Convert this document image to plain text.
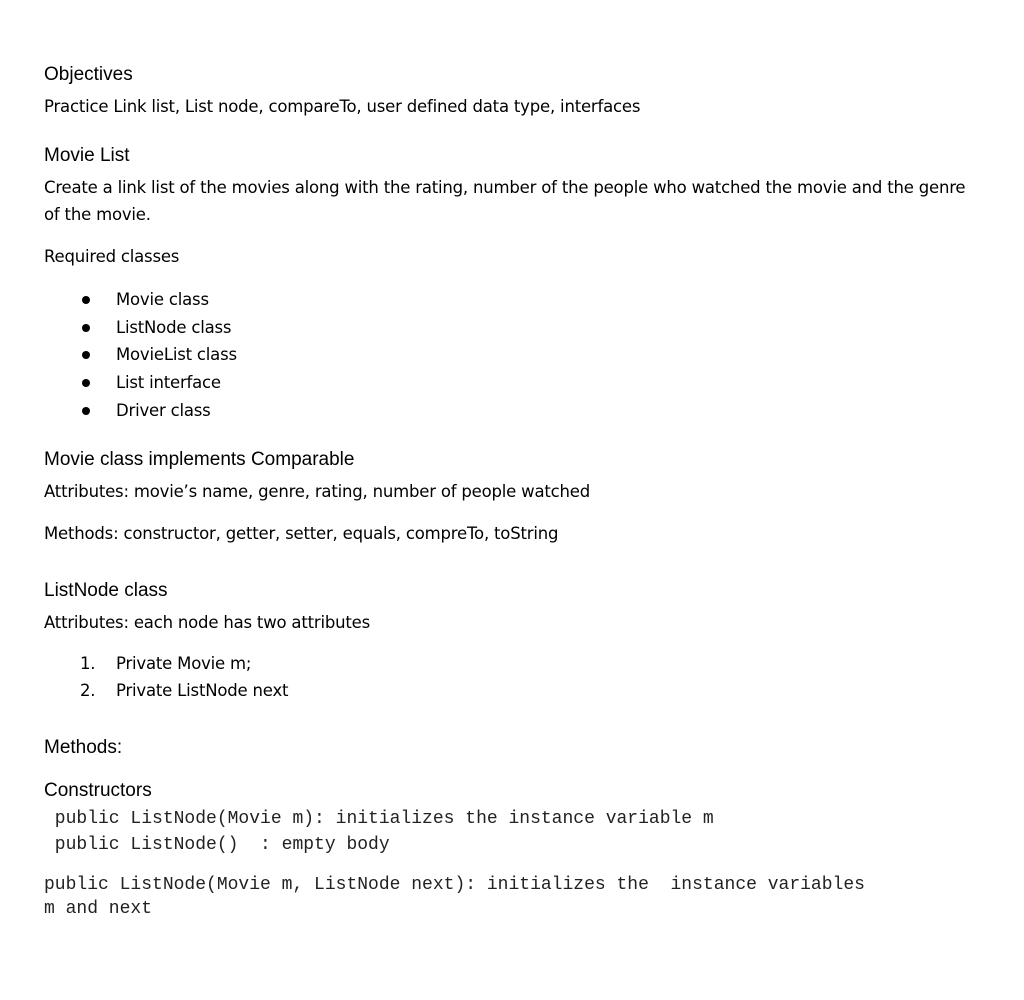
Objectives

Practice Link list, List node, compareTo, user defined data type, interfaces

Movie List

Create a link list of the movies along with the rating, number of the people who watched the movie and the genre

of the movie.

Required classes

Movie class
ListNode class
MovieList class
List interface
Driver class
Movie class implements Comparable

Attributes: movie’s name, genre, rating, number of people watched

Methods: constructor, getter, setter, equals, compreTo, toString

ListNode class

Attributes: each node has two attributes

1. Private Movie m;
2. Private ListNode next
Methods:
Constructors
public ListNode(Movie m): initializes the instance variable m
public ListNode()  : empty body
public ListNode(Movie m, ListNode next): initializes the  instance variables
m and next
